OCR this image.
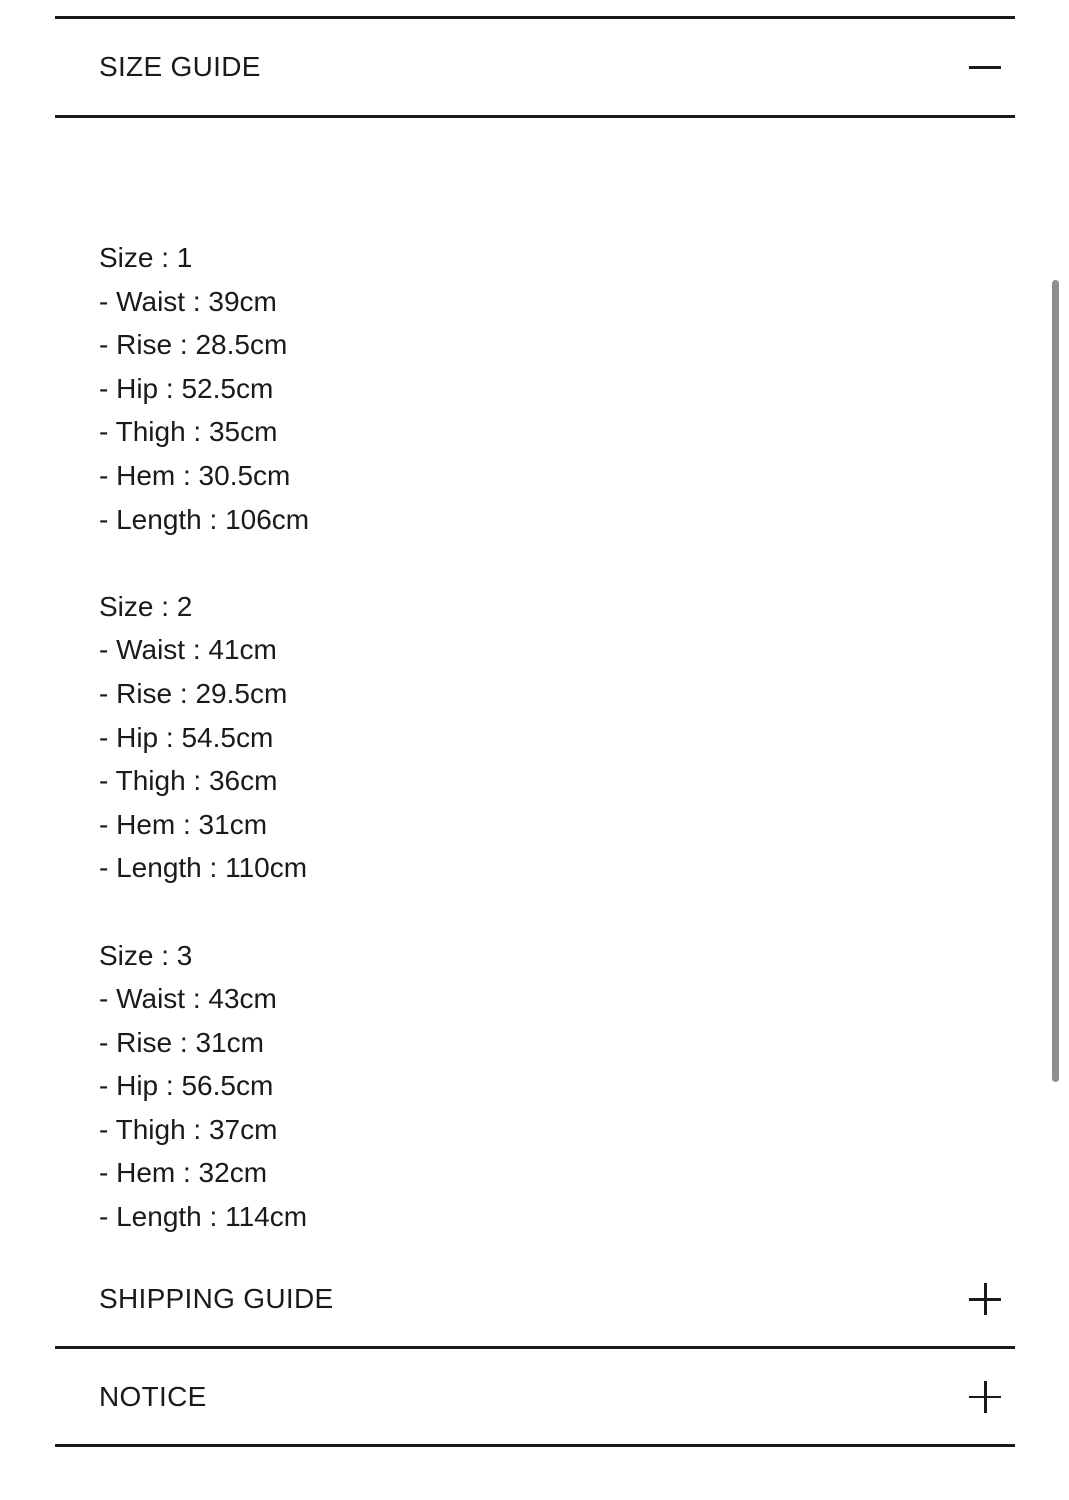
SIZE GUIDE
Size : 1
- Waist : 39cm
- Rise : 28.5cm
- Hip : 52.5cm
- Thigh : 35cm
- Hem : 30.5cm
- Length : 106cm
Size : 2
- Waist : 41cm
- Rise : 29.5cm
- Hip : 54.5cm
- Thigh : 36cm
- Hem : 31cm
- Length : 110cm
Size : 3
- Waist : 43cm
- Rise : 31cm
- Hip : 56.5cm
- Thigh : 37cm
- Hem : 32cm
- Length : 114cm
SHIPPING GUIDE
NOTICE
